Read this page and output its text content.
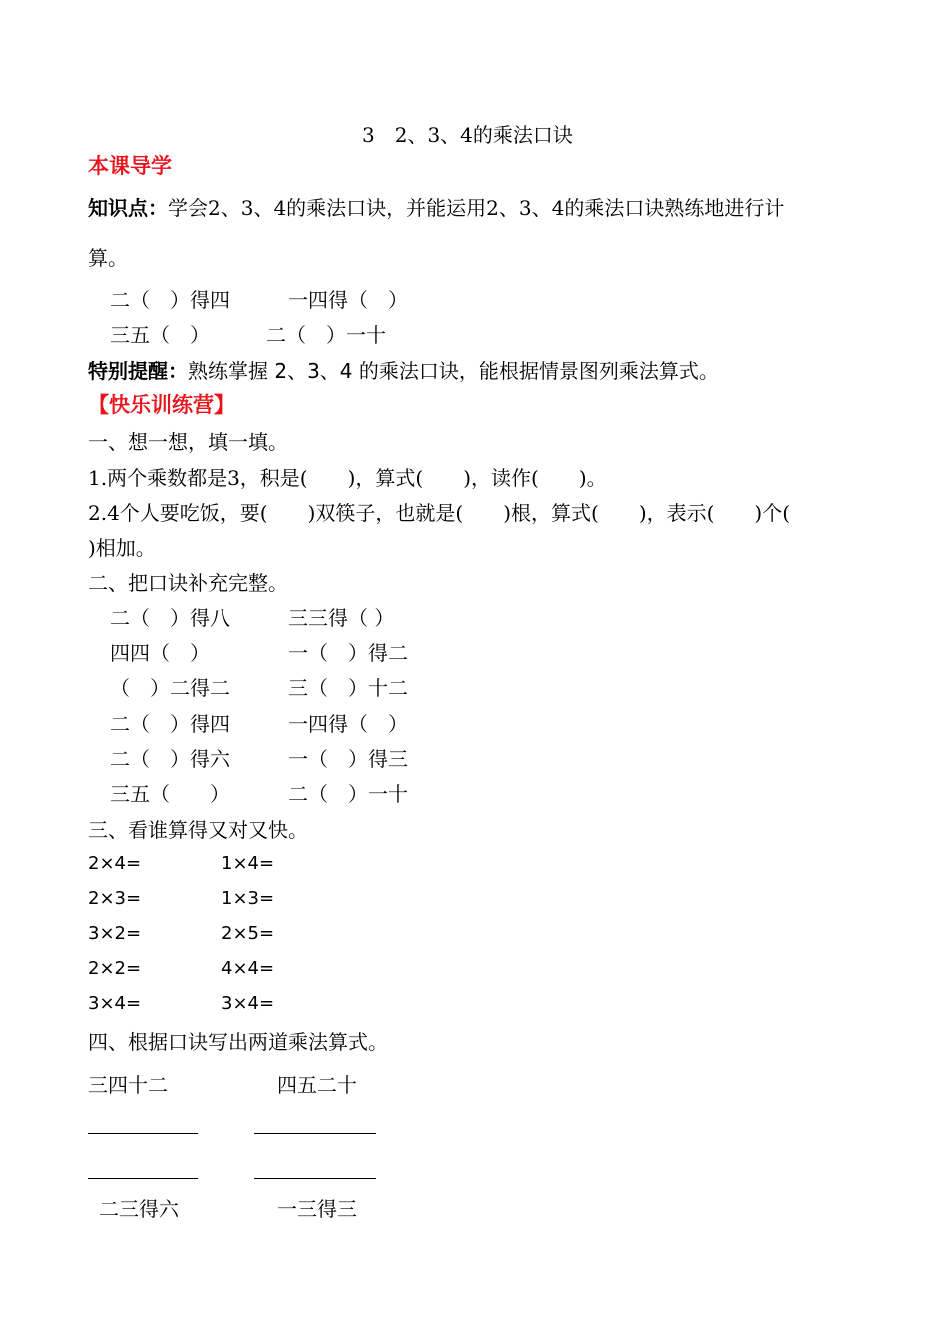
3　2、3、4的乘法口诀
本课导学
知识点：学会2、3、4的乘法口诀，并能运用2、3、4的乘法口诀熟练地进行计
算。
二（　）得四	一四得（　）
三五（　）	二（　）一十
特别提醒：熟练掌握 2、3、4 的乘法口诀，能根据情景图列乘法算式。
【快乐训练营】
一、想一想，填一填。
1.两个乘数都是3，积是(　　)，算式(　　)，读作(　　)。
2.4个人要吃饭，要(　　)双筷子，也就是(　　)根，算式(　　)，表示(　　)个(
)相加。
二、把口诀补充完整。
二（　）得八	三三得（ ）
四四（　）	一（　）得二
（　）二得二	三（　）十二
二（　）得四	一四得（　）
二（　）得六	一（　）得三
三五（　　）	二（　）一十
三、看谁算得又对又快。
2×4=	1×4=
2×3=	1×3=
3×2=	2×5=
2×2=	4×4=
3×4=	3×4=
四、根据口诀写出两道乘法算式。
三四十二	四五二十
二三得六	一三得三
